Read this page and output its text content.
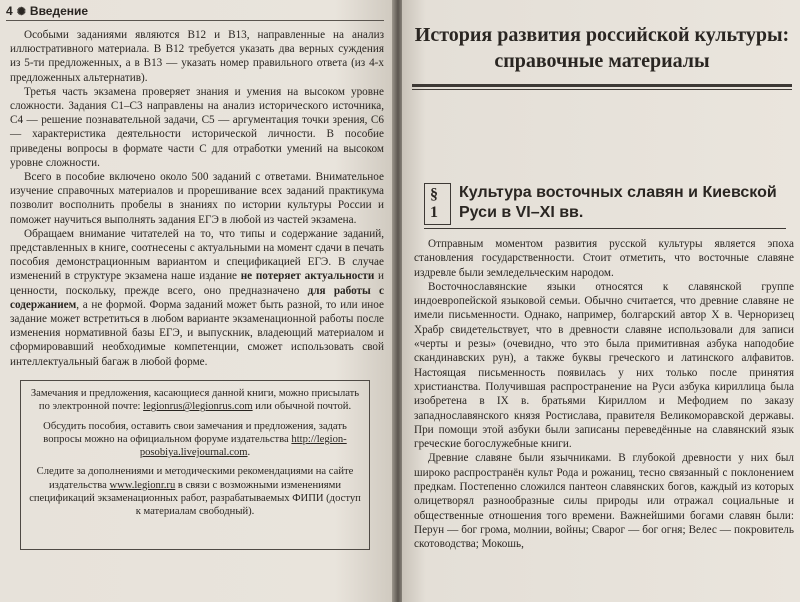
4 ✺ Введение

Особыми заданиями являются В12 и В13, направленные на анализ иллюстративного материала. В В12 требуется указать два верных суждения из 5-ти предложенных, а в В13 — указать номер правильного ответа (из 4-х предложенных альтернатив).

Третья часть экзамена проверяет знания и умения на высоком уровне сложности. Задания С1–С3 направлены на анализ исторического источника, С4 — решение познавательной задачи, С5 — аргументация точки зрения, С6 — характеристика деятельности исторической личности. В пособие приведены вопросы в формате части С для отработки умений на высоком уровне сложности.

Всего в пособие включено около 500 заданий с ответами. Внимательное изучение справочных материалов и прорешивание всех заданий практикума позволит восполнить пробелы в знаниях по истории культуры России и поможет научиться выполнять задания ЕГЭ в любой из частей экзамена.

Обращаем внимание читателей на то, что типы и содержание заданий, представленных в книге, соотнесены с актуальными на момент сдачи в печать пособия демонстрационным вариантом и спецификацией ЕГЭ. В случае изменений в структуре экзамена наше издание не потеряет актуальности и ценности, поскольку, прежде всего, оно предназначено для работы с содержанием, а не формой. Форма заданий может быть разной, то или иное задание может встретиться в любом варианте экзаменационной работы после изменения нормативной базы ЕГЭ, и выпускник, владеющий материалом и сформировавший необходимые компетенции, сможет использовать свой интеллектуальный багаж в любой форме.

Замечания и предложения, касающиеся данной книги, можно присылать по электронной почте: legionrus@legionrus.com или обычной почтой.

Обсудить пособия, оставить свои замечания и предложения, задать вопросы можно на официальном форуме издательства http://legion-posobiya.livejournal.com.

Следите за дополнениями и методическими рекомендациями на сайте издательства www.legionr.ru в связи с возможными изменениями спецификаций экзаменационных работ, разрабатываемых ФИПИ (доступ к материалам свободный).

История развития российской культуры: справочные материалы
§ 1
Культура восточных славян и Киевской Руси в VI–XI вв.

Отправным моментом развития русской культуры является эпоха становления государственности. Стоит отметить, что восточные славяне издревле были земледельческим народом.

Восточнославянские языки относятся к славянской группе индоевропейской языковой семьи. Обычно считается, что древние славяне не имели письменности. Однако, например, болгарский автор X в. Черноризец Храбр свидетельствует, что в древности славяне использовали для записи «черты и резы» (очевидно, что это была примитивная азбука наподобие скандинавских рун), а также буквы греческого и латинского алфавитов. Настоящая письменность появилась у них только после принятия христианства. Получившая распространение на Руси азбука кириллица была изобретена в IX в. братьями Кириллом и Мефодием по заказу западнославянского князя Ростислава, правителя Великоморавской державы. При помощи этой азбуки были записаны переведённые на славянский язык греческие богослужебные книги.

Древние славяне были язычниками. В глубокой древности у них был широко распространён культ Рода и рожаниц, тесно связанный с поклонением предкам. Постепенно сложился пантеон славянских богов, каждый из которых олицетворял разнообразные силы природы или отражал социальные и общественные отношения того времени. Важнейшими богами славян были: Перун — бог грома, молнии, войны; Сварог — бог огня; Велес — покровитель скотоводства; Мокошь,
